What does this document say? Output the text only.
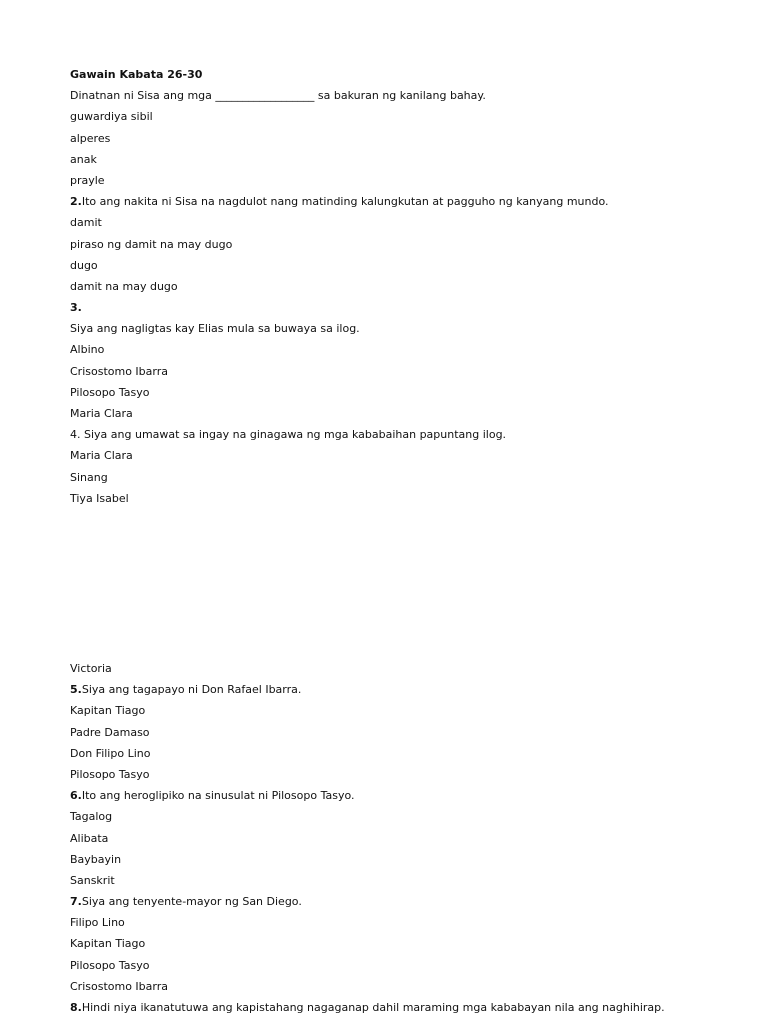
Gawain Kabata 26-30
Dinatnan ni Sisa ang mga __________________ sa bakuran ng kanilang bahay.
guwardiya sibil
alperes
anak
prayle
2.Ito ang nakita ni Sisa na nagdulot nang matinding kalungkutan at pagguho ng kanyang mundo.
damit
piraso ng damit na may dugo
dugo
damit na may dugo
3.
Siya ang nagligtas kay Elias mula sa buwaya sa ilog.
Albino
Crisostomo Ibarra
Pilosopo Tasyo
Maria Clara
4. Siya ang umawat sa ingay na ginagawa ng mga kababaihan papuntang ilog.
Maria Clara
Sinang
Tiya Isabel
Victoria
5.Siya ang tagapayo ni Don Rafael Ibarra.
Kapitan Tiago
Padre Damaso
Don Filipo Lino
Pilosopo Tasyo
6.Ito ang heroglipiko na sinusulat ni Pilosopo Tasyo.
Tagalog
Alibata
Baybayin
Sanskrit
7.Siya ang tenyente-mayor ng San Diego.
Filipo Lino
Kapitan Tiago
Pilosopo Tasyo
Crisostomo Ibarra
8.Hindi niya ikanatutuwa ang kapistahang nagaganap dahil maraming mga kababayan nila ang naghihirap.
